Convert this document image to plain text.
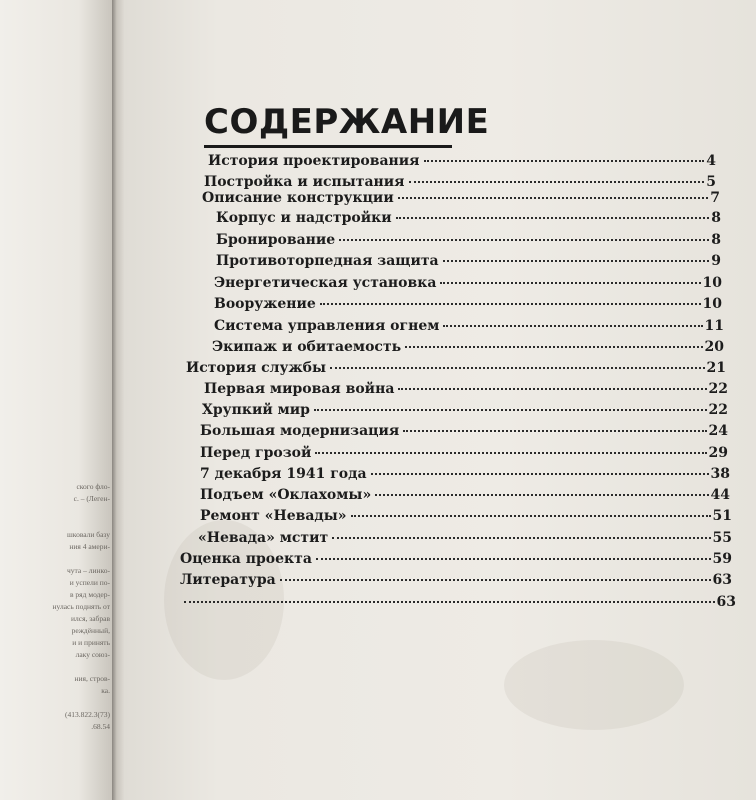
ского фло-
с. – (Леген-
шковали базу
ния 4 амери-
чута – линко-
и успели по-
в ряд модер-
нулась поднять от
ился, забрав
реждённый,
и и принять
лаку союз-
ния, стров-
ка.
(413.822.3(73)
.68.54
СОДЕРЖАНИЕ
История проектирования	4
Постройка и испытания	5
Описание конструкции	7
Корпус и надстройки	8
Бронирование	8
Противоторпедная защита	9
Энергетическая установка	10
Вооружение	10
Система управления огнем	11
Экипаж и обитаемость	20
История службы	21
Первая мировая война	22
Хрупкий мир	22
Большая модернизация	24
Перед грозой	29
7 декабря 1941 года	38
Подъем «Оклахомы»	44
Ремонт «Невады»	51
«Невада» мстит	55
Оценка проекта	59
Литература	63
63
